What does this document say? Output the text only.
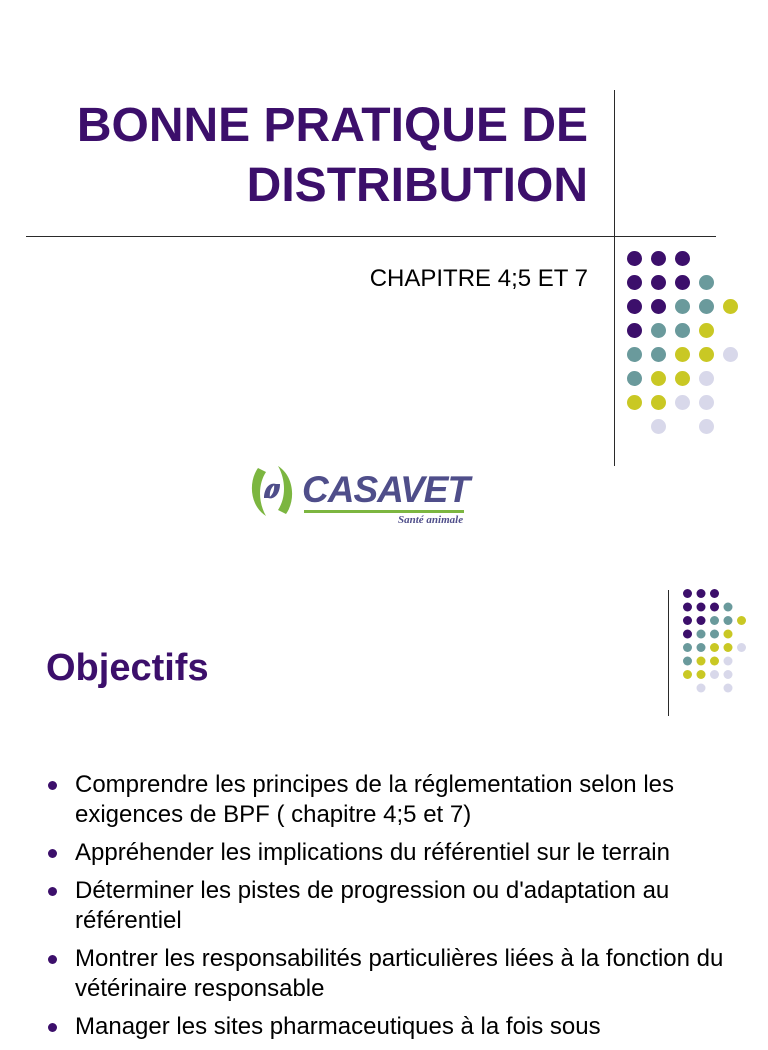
BONNE PRATIQUE DE
DISTRIBUTION
CHAPITRE 4;5 ET 7
CASAVET
Santé animale
Objectifs
Comprendre les principes de la réglementation selon les exigences de BPF ( chapitre 4;5 et 7)
Appréhender les implications du référentiel sur le terrain
Déterminer les pistes de progression ou d'adaptation au référentiel
Montrer les responsabilités particulières liées à la fonction du vétérinaire responsable
Manager les sites pharmaceutiques à la fois sous
